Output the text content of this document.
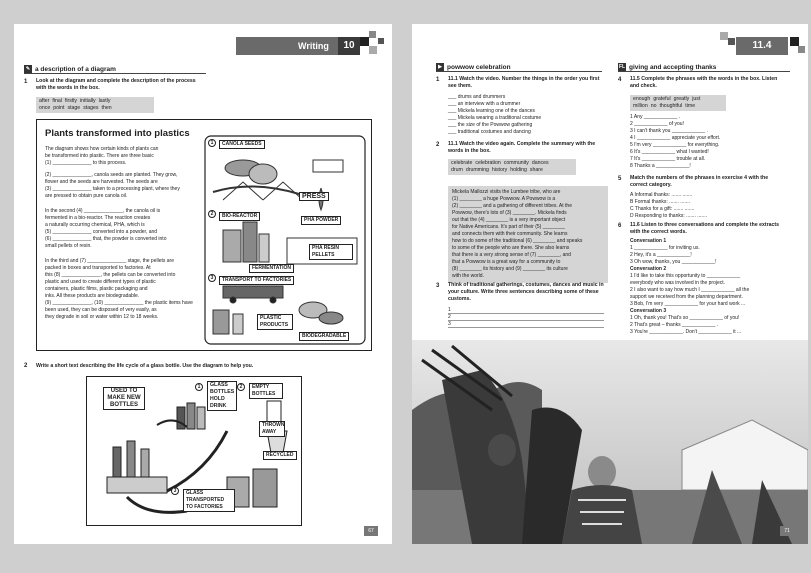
Writing	10
✎ a description of a diagram
1 Look at the diagram and complete the description of the process with the words in the box.
after final firstly initially lastly
once point stage stages then
Plants transformed into plastics
The diagram shows how certain kinds of plants can
be transformed into plastic. There are three basic
(1) ______________ to this process.
(2) ______________, canola seeds are planted. They grow,
flower and the seeds are harvested. The seeds are
(3) ______________ taken to a processing plant, where they
are pressed to obtain pure canola oil.
In the second (4) ______________, the canola oil is
fermented in a bio-reactor. The reaction creates
a naturally occurring chemical, PHA, which is
(5) ______________ converted into a powder, and
(6) ______________ that, the powder is converted into
small pellets of resin.
In the third and (7) ______________ stage, the pellets are
packed in boxes and transported to factories. At
this (8) ______________, the pellets can be converted into
plastic and used to create different types of plastic
containers, plastic films, plastic packaging and
inks. All these products are biodegradable.
(9) ______________, (10) ______________ the plastic items have
been used, they can be disposed of very easily, as
they degrade in soil or water within 12 to 18 weeks.
1
2
3
CANOLA SEEDS
PRESS
BIO-REACTOR
PHA POWDER
PHA RESIN PELLETS
FERMENTATION
TRANSPORT TO FACTORIES
PLASTIC PRODUCTS
BIODEGRADABLE
2 Write a short text describing the life cycle of a glass bottle. Use the diagram to help you.
USED TO MAKE NEW BOTTLES
GLASS BOTTLES HOLD DRINK
EMPTY BOTTLES
THROWN AWAY
RECYCLED
GLASS TRANSPORTED TO FACTORIES
1	2
3
67
11.4
▶ powwow celebration
1 11.1 Watch the video. Number the things in the order you first see them.
___ drums and drummers
___ an interview with a drummer
___ Mickela learning one of the dances
___ Mickela wearing a traditional costume
___ the size of the Powwow gathering
___ traditional costumes and dancing
2 11.1 Watch the video again. Complete the summary with the words in the box.
celebrate celebration community dances
drum drumming history holding share
Mickela Mallozzi visits the Lumbee tribe, who are
(1) ________ a huge Powwow. A Powwow is a
(2) ________ and a gathering of different tribes. At the
Powwow, there's lots of (3) ________. Mickela finds
out that the (4) ________ is a very important object
for Native Americans. It's part of their (5) ________
and connects them with their community. She learns
how to do some of the traditional (6) ________ and speaks
to some of the people who are there. She also learns
that there is a very strong sense of (7) ________, and
that a Powwow is a great way for a community to
(8) ________ its history and (9) ________ its culture
with the world.
3 Think of traditional gatherings, costumes, dances and music in your culture. Write three sentences describing some of these customs.
1
2
3
FL giving and accepting thanks
4 11.5 Complete the phrases with the words in the box. Listen and check.
enough grateful greatly just
million no thoughtful time
1 Any ____________ .
2 ____________ of you!
3 I can't thank you ____________ .
4 I ____________ appreciate your effort.
5 I'm very ____________ for everything.
6 It's ____________ what I wanted!
7 It's ____________ trouble at all.
8 Thanks a ____________!
5 Match the numbers of the phrases in exercise 4 with the correct category.
A Informal thanks: ....... .......
B Formal thanks: ....... .......
C Thanks for a gift: ....... .......
D Responding to thanks: ....... .......
6 11.6 Listen to three conversations and complete the extracts with the correct words.
Conversation 1
1 ____________ for inviting us.
2 Hey, it's a ____________!
3 Oh wow, thanks, you ____________!
Conversation 2
1 I'd like to take this opportunity to ____________
everybody who was involved in the project.
2 I also want to say how much I ____________ all the
support we received from the planning department.
3 Bob, I'm very ____________ for your hard work ...
Conversation 3
1 Oh, thank you! That's so ____________ of you!
2 That's great – thanks ____________ .
3 You're ____________. Don't ____________ it ...
71
